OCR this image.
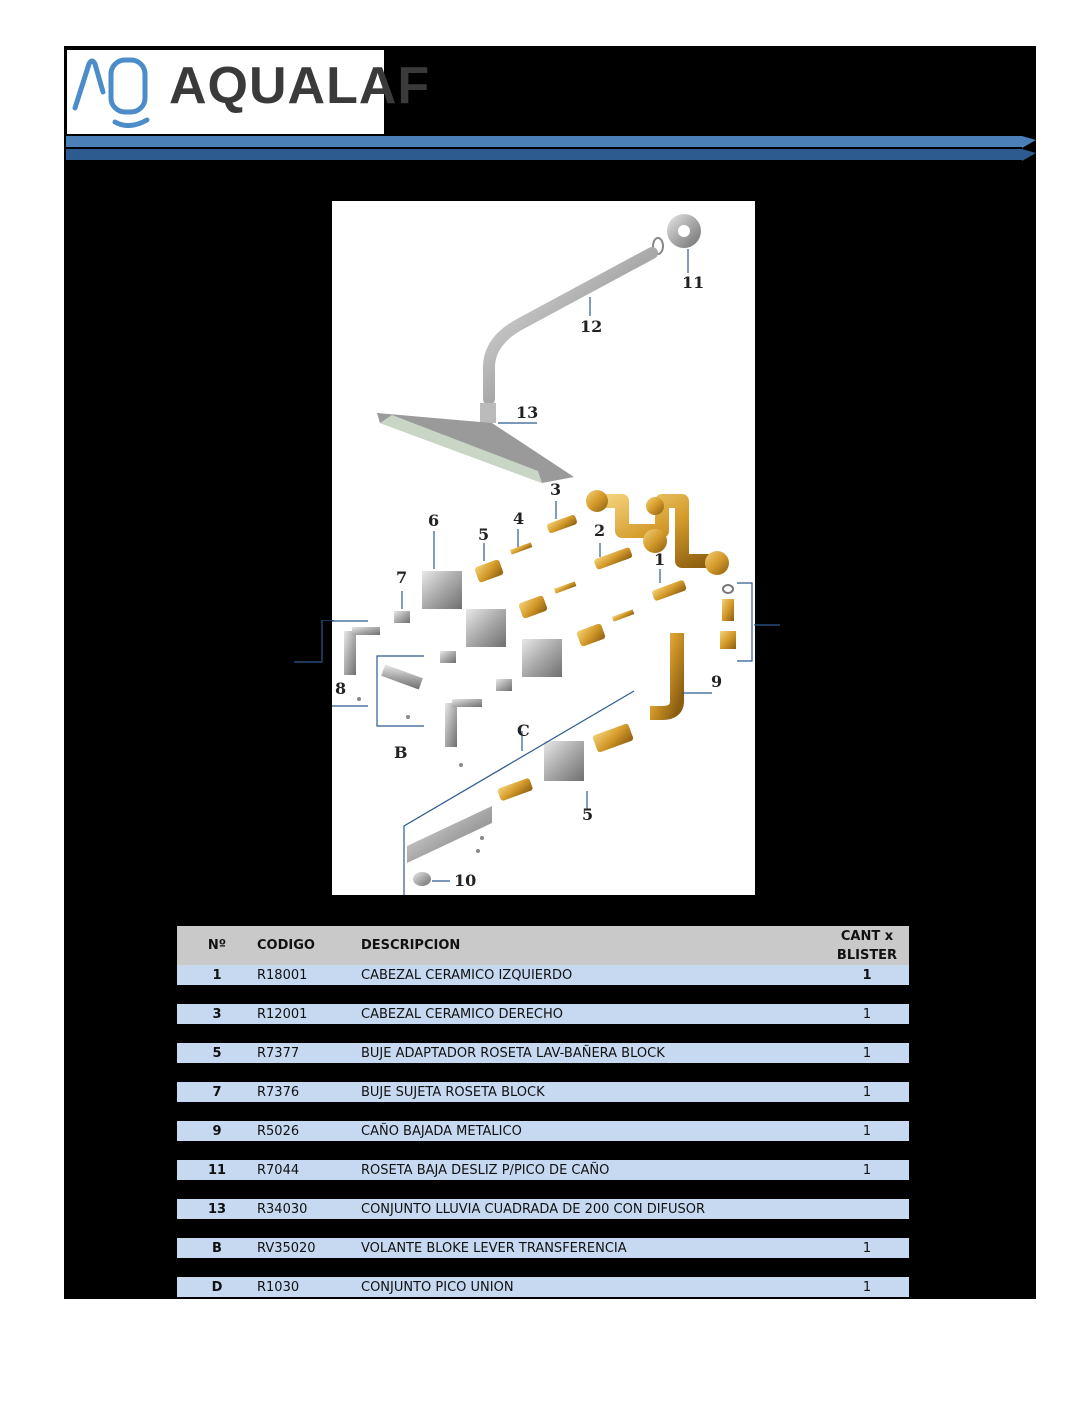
AQUALAF
11
12
13
3
4
2
1
5
6
7
8	9
10
B
C
5
Nº	CODIGO	DESCRIPCION	CANT x
BLISTER

1	R18001	CABEZAL CERAMICO IZQUIERDO	1

3	R12001	CABEZAL CERAMICO DERECHO	1

5	R7377	BUJE ADAPTADOR ROSETA LAV-BAÑERA BLOCK	1

7	R7376	BUJE SUJETA ROSETA BLOCK	1

9	R5026	CAÑO BAJADA METALICO	1

11	R7044	ROSETA BAJA DESLIZ P/PICO DE CAÑO	1

13	R34030	CONJUNTO LLUVIA CUADRADA DE 200 CON DIFUSOR	

B	RV35020	VOLANTE BLOKE LEVER TRANSFERENCIA	1

D	R1030	CONJUNTO PICO UNION	1
